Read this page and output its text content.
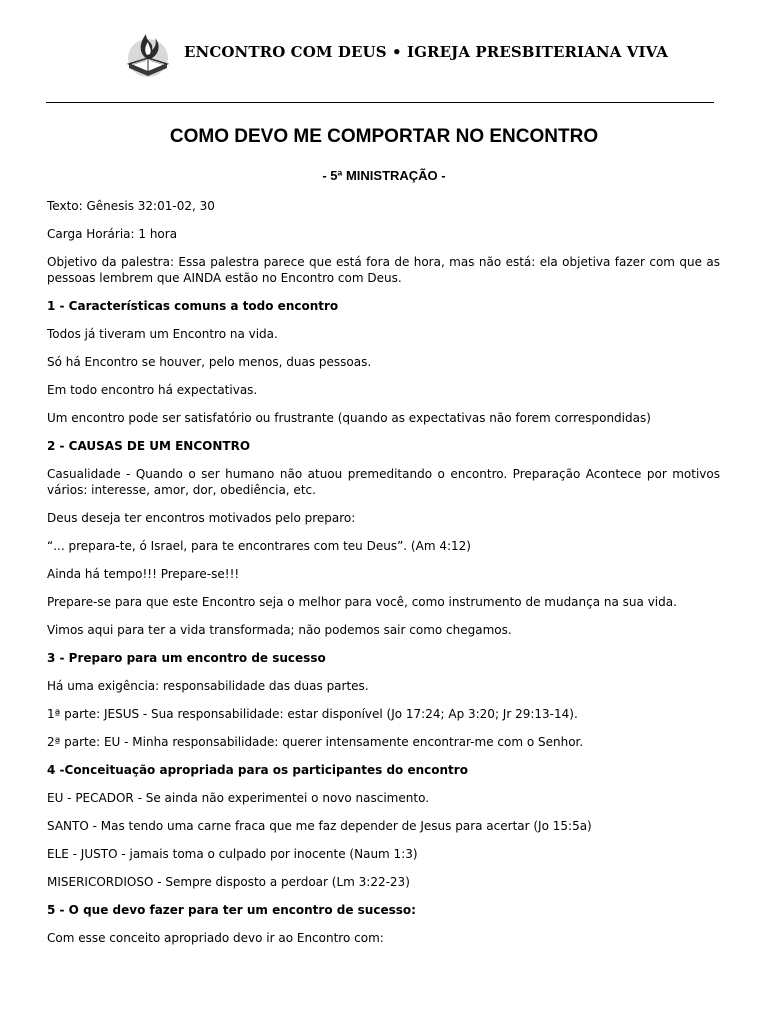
ENCONTRO COM DEUS • IGREJA PRESBITERIANA VIVA
COMO DEVO ME COMPORTAR NO ENCONTRO
- 5ª MINISTRAÇÃO -

Texto: Gênesis 32:01-02, 30

Carga Horária: 1 hora

Objetivo da palestra: Essa palestra parece que está fora de hora, mas não está: ela objetiva fazer com que as pessoas lembrem que AINDA estão no Encontro com Deus.

1 - Características comuns a todo encontro

Todos já tiveram um Encontro na vida.

Só há Encontro se houver, pelo menos, duas pessoas.

Em todo encontro há expectativas.

Um encontro pode ser satisfatório ou frustrante (quando as expectativas não forem correspondidas)

2 - CAUSAS DE UM ENCONTRO

Casualidade - Quando o ser humano não atuou premeditando o encontro. Preparação Acontece por motivos vários: interesse, amor, dor, obediência, etc.

Deus deseja ter encontros motivados pelo preparo:

“... prepara-te, ó Israel, para te encontrares com teu Deus”. (Am 4:12)

Ainda há tempo!!! Prepare-se!!!

Prepare-se para que este Encontro seja o melhor para você, como instrumento de mudança na sua vida.

Vimos aqui para ter a vida transformada; não podemos sair como chegamos.

3 - Preparo para um encontro de sucesso

Há uma exigência: responsabilidade das duas partes.

1ª parte: JESUS - Sua responsabilidade: estar disponível (Jo 17:24; Ap 3:20; Jr 29:13-14).

2ª parte: EU - Minha responsabilidade: querer intensamente encontrar-me com o Senhor.

4 -Conceituação apropriada para os participantes do encontro

EU - PECADOR - Se ainda não experimentei o novo nascimento.

SANTO - Mas tendo uma carne fraca que me faz depender de Jesus para acertar (Jo 15:5a)

ELE - JUSTO - jamais toma o culpado por inocente (Naum 1:3)

MISERICORDIOSO - Sempre disposto a perdoar (Lm 3:22-23)

5 - O que devo fazer para ter um encontro de sucesso:

Com esse conceito apropriado devo ir ao Encontro com:
